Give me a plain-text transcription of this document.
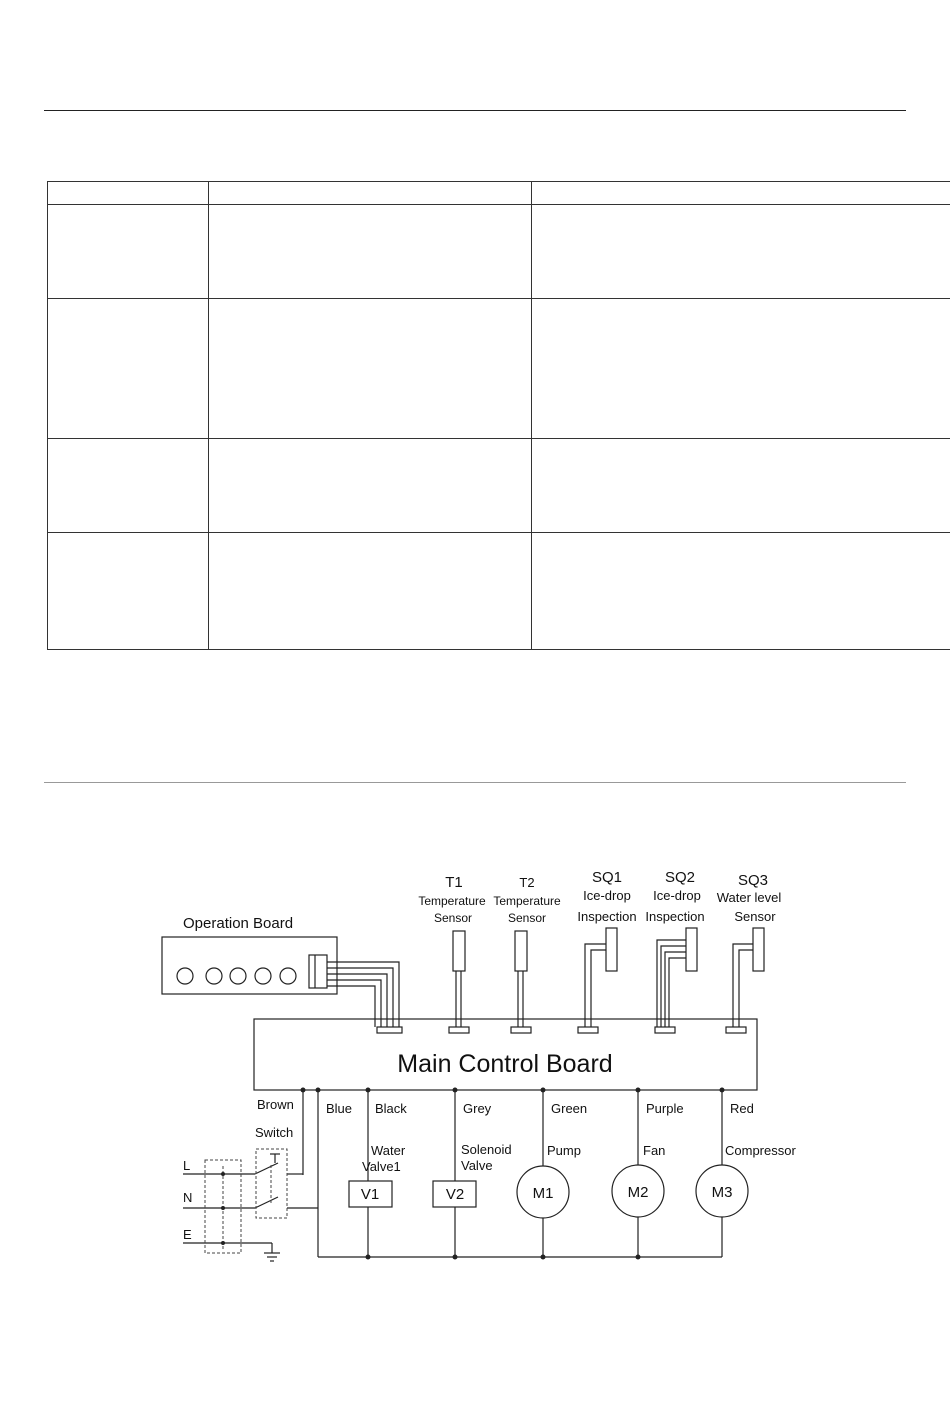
Operation Board
Main Control Board
T1
Temperature
Sensor
T2
Temperature
Sensor
SQ1
Ice-drop
Inspection
SQ2
Ice-drop
Inspection
SQ3
Water level
Sensor
Brown Blue Black	Grey	Green	Purple	Red
Switch
L
N
E
Water
Valve1
V1
Solenoid
Valve
V2
Pump
M1
Fan
M2
Compressor
M3
